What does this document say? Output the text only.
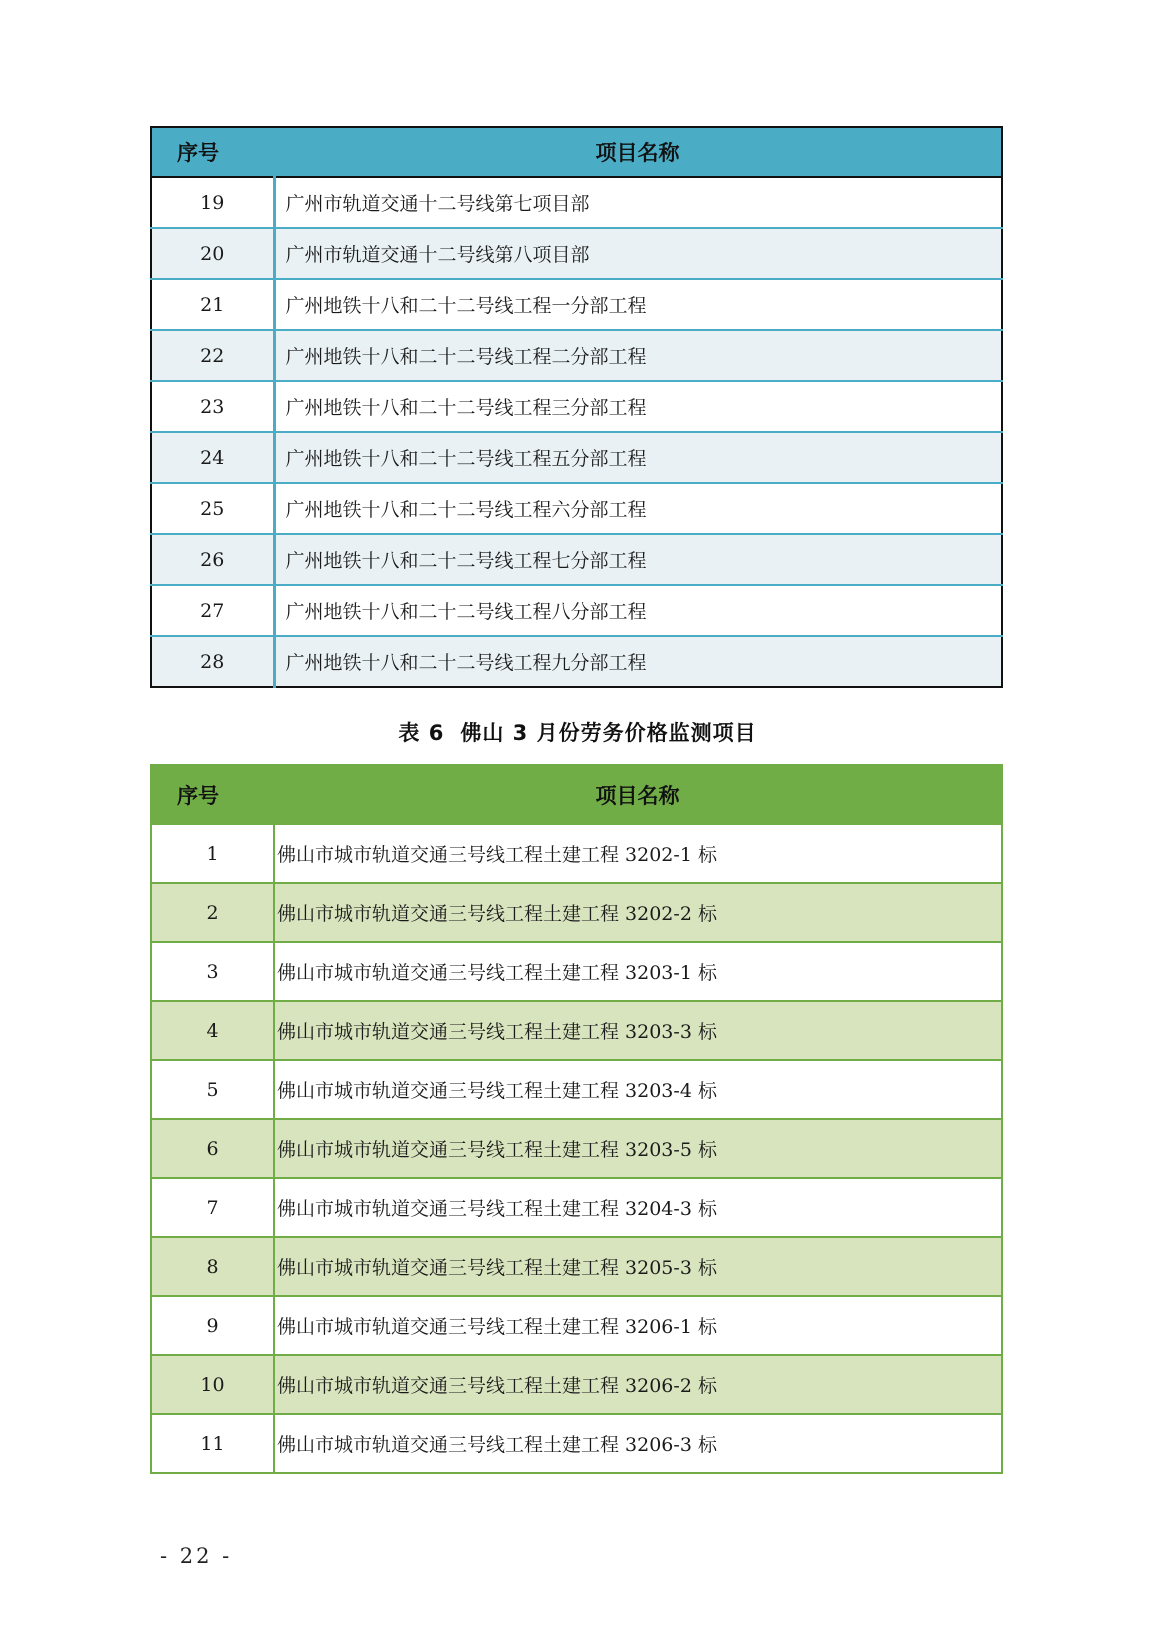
序号	项目名称
19	广州市轨道交通十二号线第七项目部
20	广州市轨道交通十二号线第八项目部
21	广州地铁十八和二十二号线工程一分部工程
22	广州地铁十八和二十二号线工程二分部工程
23	广州地铁十八和二十二号线工程三分部工程
24	广州地铁十八和二十二号线工程五分部工程
25	广州地铁十八和二十二号线工程六分部工程
26	广州地铁十八和二十二号线工程七分部工程
27	广州地铁十八和二十二号线工程八分部工程
28	广州地铁十八和二十二号线工程九分部工程
表 6 佛山 3 月份劳务价格监测项目
序号	项目名称
1	佛山市城市轨道交通三号线工程土建工程 3202-1 标
2	佛山市城市轨道交通三号线工程土建工程 3202-2 标
3	佛山市城市轨道交通三号线工程土建工程 3203-1 标
4	佛山市城市轨道交通三号线工程土建工程 3203-3 标
5	佛山市城市轨道交通三号线工程土建工程 3203-4 标
6	佛山市城市轨道交通三号线工程土建工程 3203-5 标
7	佛山市城市轨道交通三号线工程土建工程 3204-3 标
8	佛山市城市轨道交通三号线工程土建工程 3205-3 标
9	佛山市城市轨道交通三号线工程土建工程 3206-1 标
10	佛山市城市轨道交通三号线工程土建工程 3206-2 标
11	佛山市城市轨道交通三号线工程土建工程 3206-3 标
- 22 -
